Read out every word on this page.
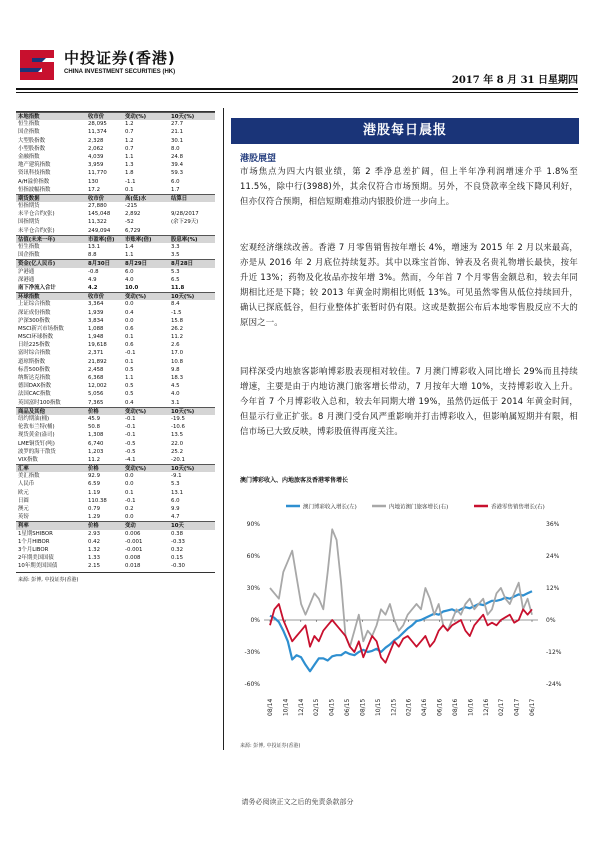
中投证券(香港)
CHINA INVESTMENT SECURITIES (HK)
2017 年 8 月 31 日星期四
本地指数	收市价	变动(%)	10天(%)
恒生指数	28,095	1.2	27.7
国企指数	11,374	0.7	21.1
大型股指数	2,328	1.2	30.1
小型股指数	2,062	0.7	8.0
金融指数	4,039	1.1	24.8
地产建筑指数	3,959	1.3	39.4
资讯科技指数	11,770	1.8	59.3
A/H溢价指数	130	-1.1	6.0
恒指波幅指数	17.2	0.1	1.7
期货数据	收市价	高(低)水	结算日
恒指期货	27,880	-215
未平仓合约(张)	145,048	2,892	9/28/2017
国指期货	11,322	-52	(余下29天)
未平仓合约(张)	249,094	6,729
估值(未来一年)	市盈率(倍)	市账率(倍)	股息率(%)
恒生指数	13.1	1.4	3.3
国企指数	8.8	1.1	3.5
资金(亿人民币)	8月30日	8月29日	8月28日
沪港通	-0.8	6.0	5.3
深港通	4.9	4.0	6.5
南下净流入合计	4.2	10.0	11.8
环球指数	收市价	变动(%)	10天(%)
上证综合指数	3,364	0.0	8.4
深证成份指数	1,939	0.4	-1.5
沪深300指数	3,834	0.0	15.8
MSCI新兴市场指数	1,088	0.6	26.2
MSCI环球指数	1,948	0.1	11.2
日经225指数	19,618	0.6	2.6
富时综合指数	2,371	-0.1	17.0
道琼斯指数	21,892	0.1	10.8
标普500指数	2,458	0.5	9.8
纳斯达克指数	6,368	1.1	18.3
德国DAX指数	12,002	0.5	4.5
法国CAC指数	5,056	0.5	4.0
英国富时100指数	7,365	0.4	3.1
商品及其他	价格	变动(%)	10天(%)
纽约期油(桶)	45.9	-0.1	-19.5
伦敦布兰特(桶)	50.8	-0.1	-10.6
现货黄金(盎司)	1,308	-0.1	13.5
LME铜货钉(吨)	6,740	-0.5	22.0
波罗的海干散货	1,203	-0.5	25.2
VIX指数	11.2	-4.1	-20.1
汇率	价格	变动(%)	10天(%)
美汇指数	92.9	0.0	-9.1
人民币	6.59	0.0	5.3
欧元	1.19	0.1	13.1
日圆	110.38	-0.1	6.0
澳元	0.79	0.2	9.9
英镑	1.29	0.0	4.7
利率	价格	变动	10天
1星期SHIBOR	2.93	0.006	0.38
1个月HIBOR	0.42	-0.001	-0.33
3个月LIBOR	1.32	-0.001	0.32
2年期美国国债	1.33	0.008	0.15
10年期美国国债	2.15	0.018	-0.30
来源: 彭博, 中投证券(香港)
港股每日晨报
港股展望
市场焦点为四大内银业绩，第 2 季净息差扩阔，但上半年净利润增速介乎 1.8%至 11.5%，除中行(3988)外，其余仅符合市场预期。另外，不良贷款率全线下降风利好，但亦仅符合预期，相信短期难推动内银股价进一步向上。
宏观经济继续改善。香港 7 月零售销售按年增长 4%，增速为 2015 年 2 月以来最高，亦是从 2016 年 2 月底位持续复苏。其中以珠宝首饰、钟表及名贵礼物增长最快，按年升近 13%；药物及化妆品亦按年增 3%。然而，今年首 7 个月零售金额总和，较去年同期相比还是下降；较 2013 年黄金时期相比则低 13%。可见虽然零售从低位持续回升，确认已探底低谷，但行业整体扩张暂时仍有限。这或是数据公布后本地零售股反应不大的原因之一。
同样深受内地旅客影响博彩股表现相对较佳。7 月澳门博彩收入同比增长 29%而且持续增速，主要是由于内地访澳门旅客增长带动，7 月按年大增 10%，支持博彩收入上升。今年首 7 个月博彩收入总和，较去年同期大增 19%，虽然仍远低于 2014 年黄金时间，但显示行业正扩张。8 月澳门受台风严重影响并打击博彩收入，但影响属短期并有限，相信市场已大致反映，博彩股值得再度关注。
澳门博彩收入、内地旅客及香港零售增长
澳门博彩收入增长(左)	内地访澳门旅客增长(右)	香港零售销售增长(右)
90%
60%
30%
0%
-30%
-60%
36%
24%
12%
0%
-12%
-24%
08/14 10/14 12/14 02/15 04/15 06/15 08/15 10/15 12/15 02/16 04/16 06/16 08/16 10/16 12/16 02/17 04/17 06/17
来源: 彭博, 中投证券(香港)
请务必阅读正文之后的免责条款部分
